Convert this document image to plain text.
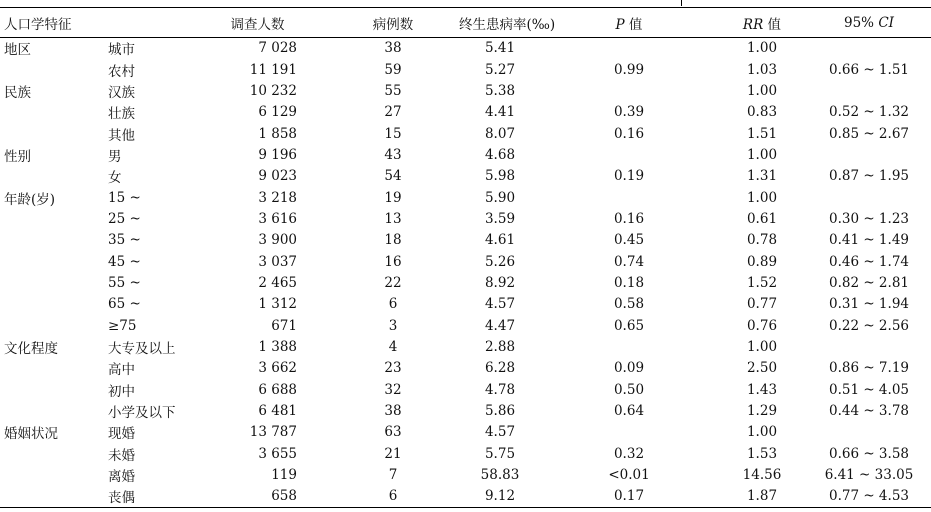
人口学特征		调查人数		病例数	终生患病率(‰)	P 值	RR 值	95% CI
地区	城市	7 028		38	5.41		1.00	
	农村	11 191		59	5.27	0.99	1.03	0.66 ~ 1.51
民族	汉族	10 232		55	5.38		1.00	
	壮族	6 129		27	4.41	0.39	0.83	0.52 ~ 1.32
	其他	1 858		15	8.07	0.16	1.51	0.85 ~ 2.67
性别	男	9 196		43	4.68		1.00	
	女	9 023		54	5.98	0.19	1.31	0.87 ~ 1.95
年龄(岁)	15 ~	3 218		19	5.90		1.00	
	25 ~	3 616		13	3.59	0.16	0.61	0.30 ~ 1.23
	35 ~	3 900		18	4.61	0.45	0.78	0.41 ~ 1.49
	45 ~	3 037		16	5.26	0.74	0.89	0.46 ~ 1.74
	55 ~	2 465		22	8.92	0.18	1.52	0.82 ~ 2.81
	65 ~	1 312		6	4.57	0.58	0.77	0.31 ~ 1.94
	≥75	671		3	4.47	0.65	0.76	0.22 ~ 2.56
文化程度	大专及以上	1 388		4	2.88		1.00	
	高中	3 662		23	6.28	0.09	2.50	0.86 ~ 7.19
	初中	6 688		32	4.78	0.50	1.43	0.51 ~ 4.05
	小学及以下	6 481		38	5.86	0.64	1.29	0.44 ~ 3.78
婚姻状况	现婚	13 787		63	4.57		1.00	
	未婚	3 655		21	5.75	0.32	1.53	0.66 ~ 3.58
	离婚	119		7	58.83	<0.01	14.56	6.41 ~ 33.05
	丧偶	658		6	9.12	0.17	1.87	0.77 ~ 4.53
